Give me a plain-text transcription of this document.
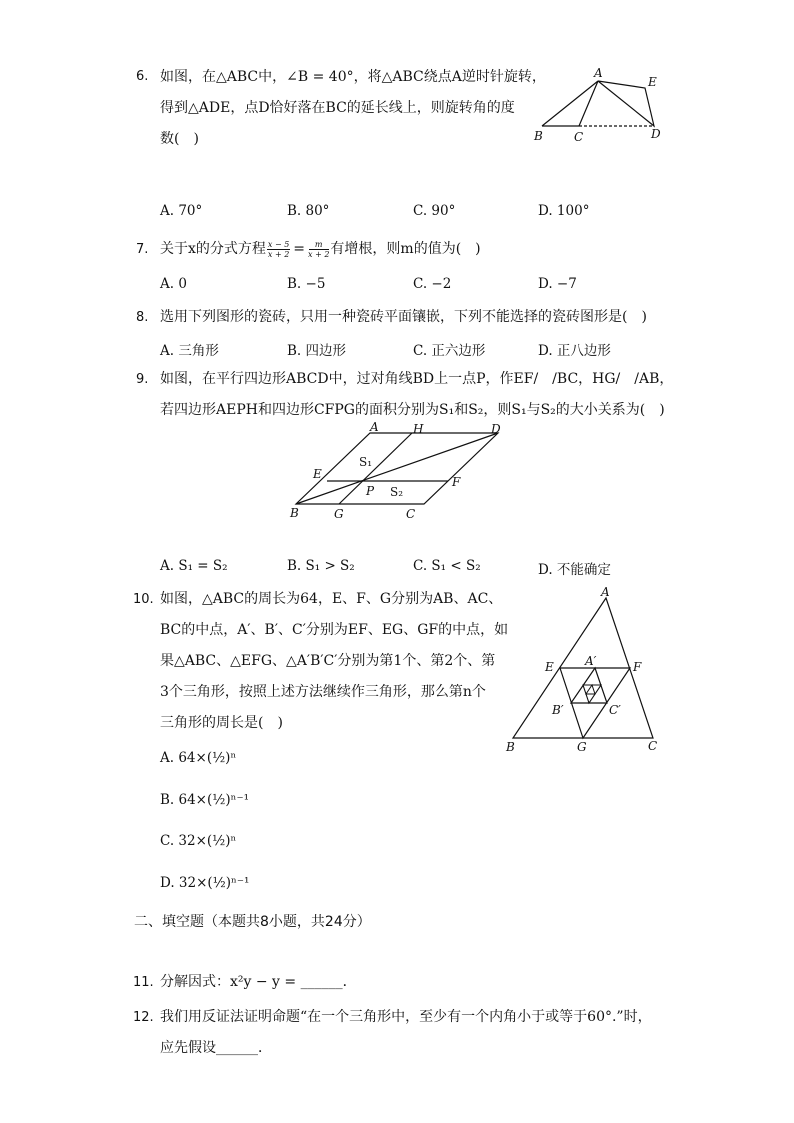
6. 如图，在△ABC中，∠B = 40°，将△ABC绕点A逆时针旋转，
得到△ADE，点D恰好落在BC的延长线上，则旋转角的度
数(　)
A
E
B	C	D
A. 70°	B. 80°	C. 90°	D. 100°
7. 关于x的分式方程 $\frac{x - 5}{x + 2} = \frac{m}{x + 2}$ 有增根，则m的值为(　)
A. 0	B. −5	C. −2	D. −7
8. 选用下列图形的瓷砖，只用一种瓷砖平面镶嵌，下列不能选择的瓷砖图形是(　)
A. 三角形	B. 四边形	C. 正六边形	D. 正八边形
9. 如图，在平行四边形ABCD中，过对角线BD上一点P，作EF/　/BC，HG/　/AB，
若四边形AEPH和四边形CFPG的面积分别为S₁和S₂，则S₁与S₂的大小关系为(　)
A	H	D
E
S₁
P S₂
F
B	G	C
A. S₁ = S₂	B. S₁ > S₂	C. S₁ < S₂	D. 不能确定
10. 如图，△ABC的周长为64，E、F、G分别为AB、AC、
BC的中点，A′、B′、C′分别为EF、EG、GF的中点，如
果△ABC、△EFG、△A′B′C′分别为第1个、第2个、第
3个三角形，按照上述方法继续作三角形，那么第n个
三角形的周长是(　)
A
E	A′	F
B′	C′
B	G	C
A. 64×(½)ⁿ
B. 64×(½)ⁿ⁻¹
C. 32×(½)ⁿ
D. 32×(½)ⁿ⁻¹
二、填空题（本题共8小题，共24分）
11. 分解因式：x²y − y = ______．
12. 我们用反证法证明命题“在一个三角形中，至少有一个内角小于或等于60°.”时，
应先假设______．
